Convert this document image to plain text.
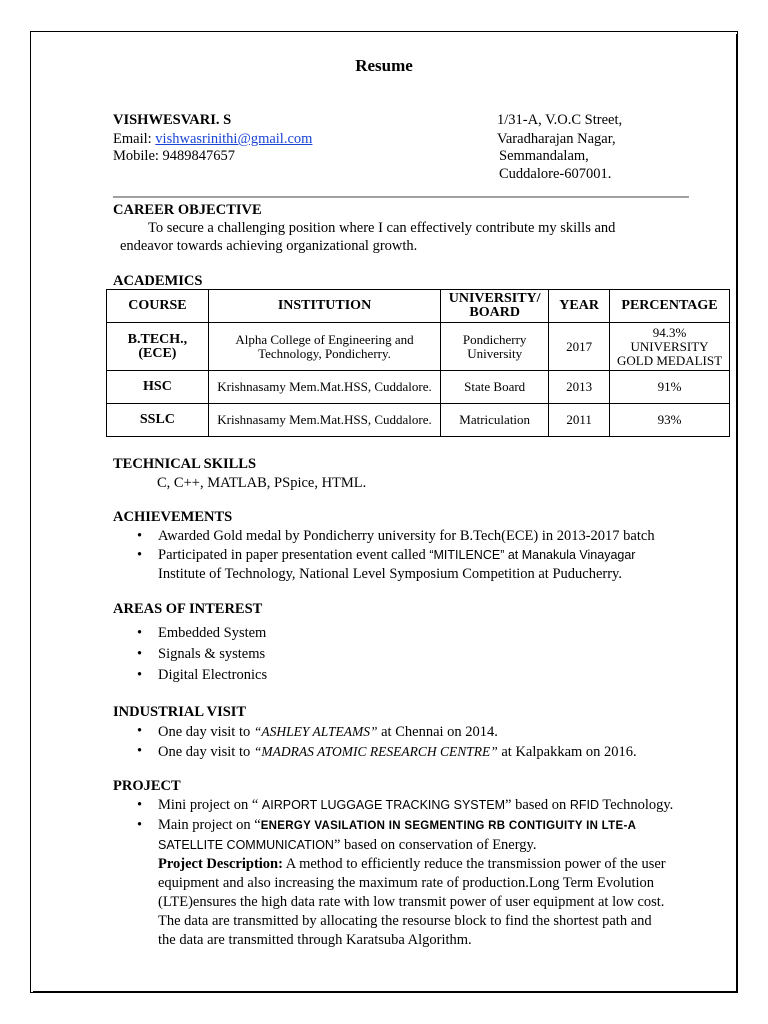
Resume
VISHWESVARI. S
Email: vishwasrinithi@gmail.com
Mobile: 9489847657
1/31-A, V.O.C Street,
Varadharajan Nagar,
Semmandalam,
Cuddalore-607001.
CAREER OBJECTIVE
To secure a challenging position where I can effectively contribute my skills and
endeavor towards achieving organizational growth.
ACADEMICS
COURSE	INSTITUTION	UNIVERSITY/ BOARD	YEAR	PERCENTAGE
B.TECH., (ECE)	Alpha College of Engineering and Technology, Pondicherry.	Pondicherry University	2017	94.3% UNIVERSITY GOLD MEDALIST
HSC	Krishnasamy Mem.Mat.HSS, Cuddalore.	State Board	2013	91%
SSLC	Krishnasamy Mem.Mat.HSS, Cuddalore.	Matriculation	2011	93%
TECHNICAL SKILLS
C, C++, MATLAB, PSpice, HTML.
ACHIEVEMENTS
• Awarded Gold medal by Pondicherry university for B.Tech(ECE) in 2013-2017 batch
• Participated in paper presentation event called “MITILENCE” at Manakula Vinayagar
Institute of Technology, National Level Symposium Competition at Puducherry.
AREAS OF INTEREST
• Embedded System
• Signals & systems
• Digital Electronics
INDUSTRIAL VISIT
• One day visit to “ASHLEY ALTEAMS” at Chennai on 2014.
• One day visit to “MADRAS ATOMIC RESEARCH CENTRE” at Kalpakkam on 2016.
PROJECT
• Mini project on “ AIRPORT LUGGAGE TRACKING SYSTEM” based on RFID Technology.
• Main project on “ENERGY VASILATION IN SEGMENTING RB CONTIGUITY IN LTE-A
SATELLITE COMMUNICATION” based on conservation of Energy.
Project Description: A method to efficiently reduce the transmission power of the user
equipment and also increasing the maximum rate of production.Long Term Evolution
(LTE)ensures the high data rate with low transmit power of user equipment at low cost.
The data are transmitted by allocating the resourse block to find the shortest path and
the data are transmitted through Karatsuba Algorithm.
